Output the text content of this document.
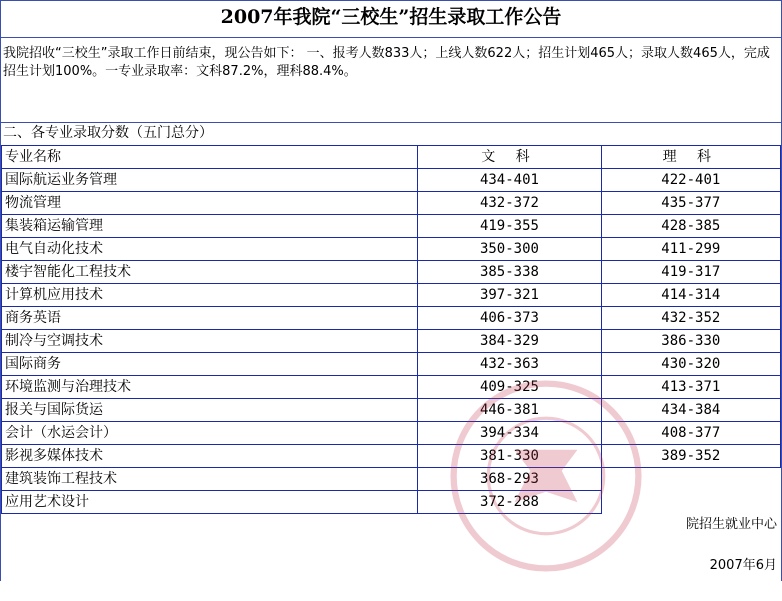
2007年我院“三校生”招生录取工作公告
我院招收“三校生”录取工作日前结束，现公告如下： 一、报考人数833人；上线人数622人；招生计划465人；录取人数465人，完成招生计划100%。一专业录取率：文科87.2%，理科88.4%。
二、各专业录取分数（五门总分）
专业名称	文 科	理 科
国际航运业务管理	434-401	422-401
物流管理	432-372	435-377
集装箱运输管理	419-355	428-385
电气自动化技术	350-300	411-299
楼宇智能化工程技术	385-338	419-317
计算机应用技术	397-321	414-314
商务英语	406-373	432-352
制冷与空调技术	384-329	386-330
国际商务	432-363	430-320
环境监测与治理技术	409-325	413-371
报关与国际货运	446-381	434-384
会计（水运会计）	394-334	408-377
影视多媒体技术	381-330	389-352
建筑装饰工程技术	368-293	
应用艺术设计	372-288	
院招生就业中心
2007年6月
